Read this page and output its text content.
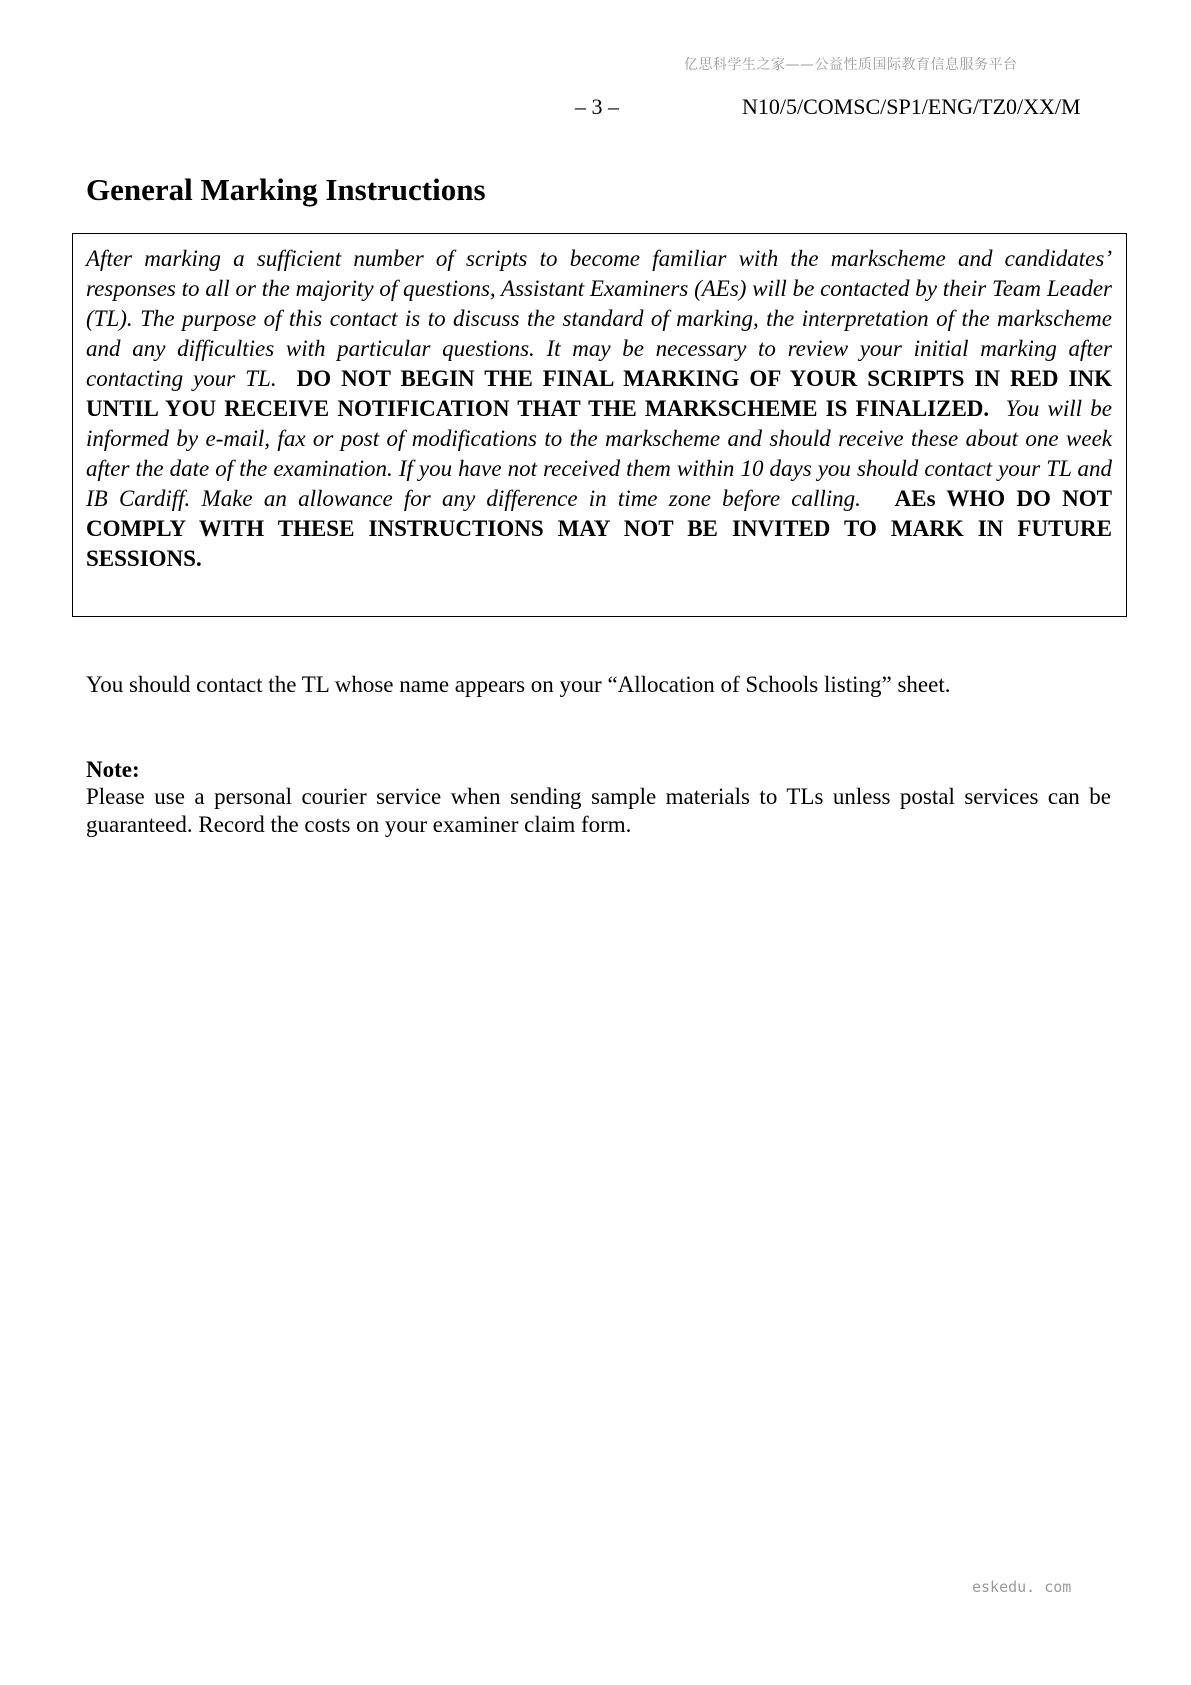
亿思科学生之家——公益性质国际教育信息服务平台
– 3 –	N10/5/COMSC/SP1/ENG/TZ0/XX/M
General Marking Instructions

After marking a sufficient number of scripts to become familiar with the markscheme and candidates’ responses to all or the majority of questions, Assistant Examiners (AEs) will be contacted by their Team Leader (TL). The purpose of this contact is to discuss the standard of marking, the interpretation of the markscheme and any difficulties with particular questions. It may be necessary to review your initial marking after contacting your TL. DO NOT BEGIN THE FINAL MARKING OF YOUR SCRIPTS IN RED INK UNTIL YOU RECEIVE NOTIFICATION THAT THE MARKSCHEME IS FINALIZED. You will be informed by e-mail, fax or post of modifications to the markscheme and should receive these about one week after the date of the examination. If you have not received them within 10 days you should contact your TL and IB Cardiff. Make an allowance for any difference in time zone before calling. AEs WHO DO NOT COMPLY WITH THESE INSTRUCTIONS MAY NOT BE INVITED TO MARK IN FUTURE SESSIONS.

You should contact the TL whose name appears on your “Allocation of Schools listing” sheet.

Note:

Please use a personal courier service when sending sample materials to TLs unless postal services can be guaranteed. Record the costs on your examiner claim form.

eskedu. com
